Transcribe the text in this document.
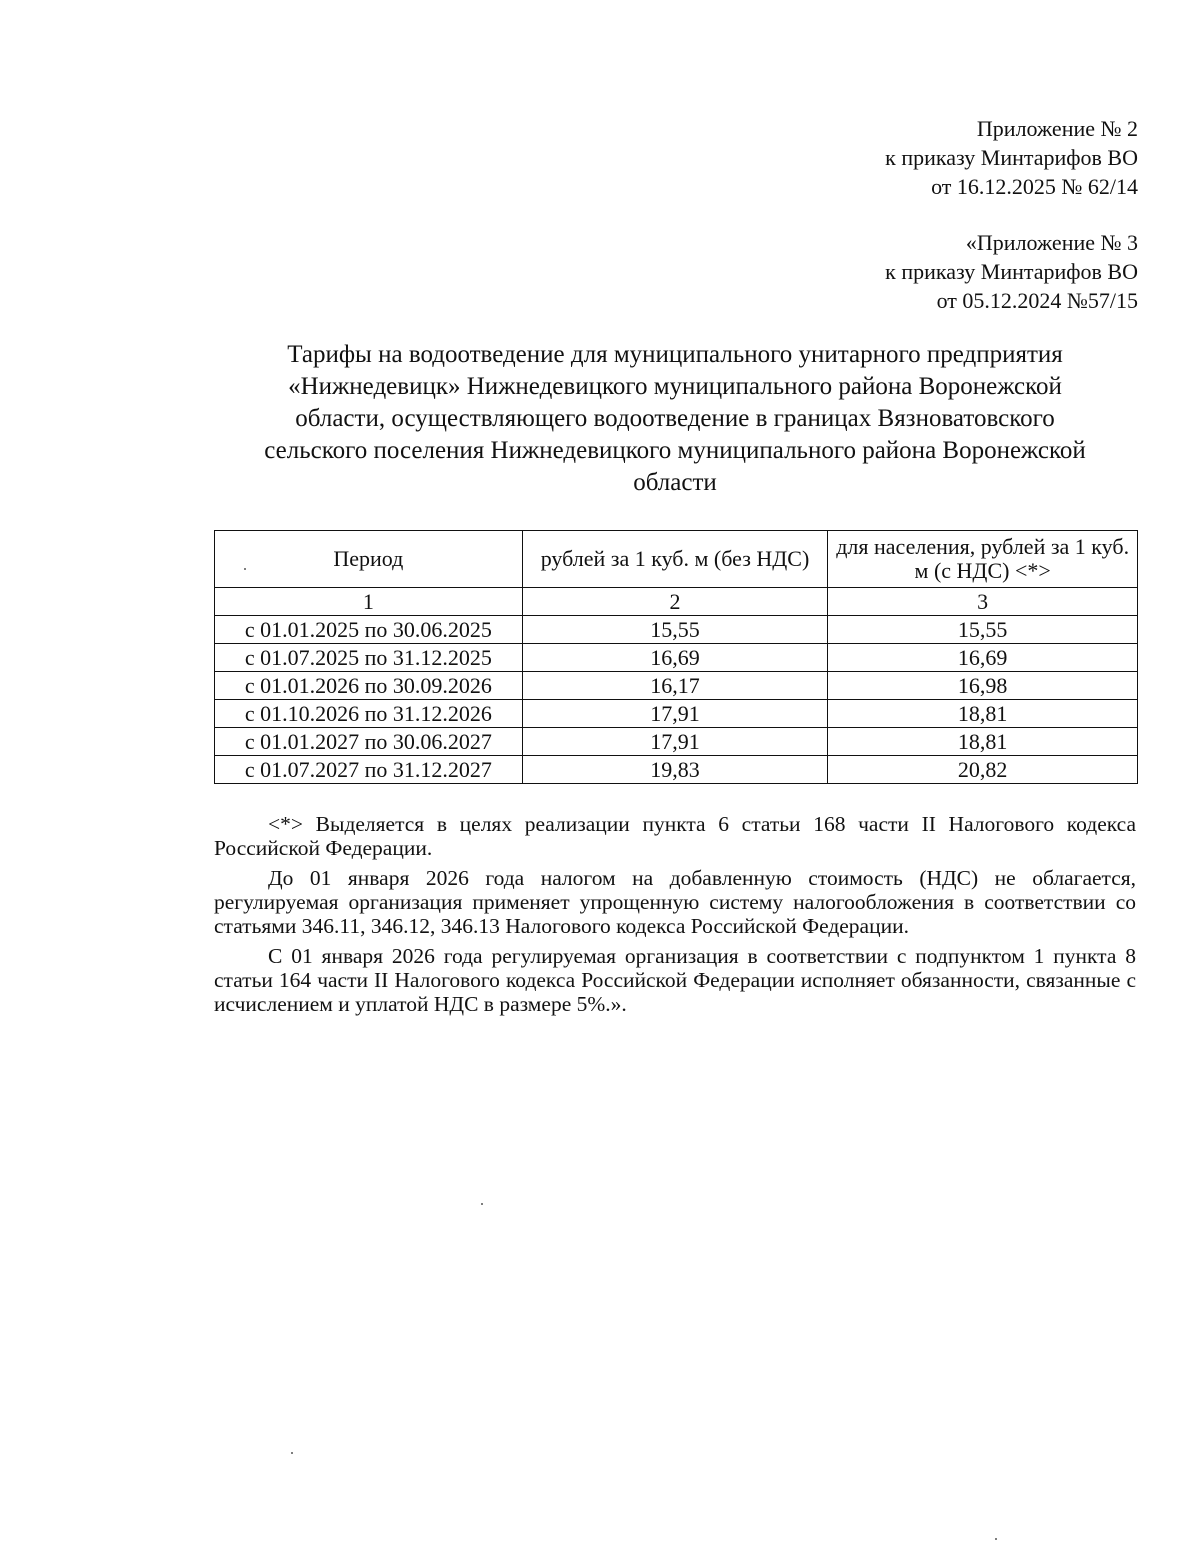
Приложение № 2
к приказу Минтарифов ВО
от 16.12.2025 № 62/14
«Приложение № 3
к приказу Минтарифов ВО
от 05.12.2024 №57/15
Тарифы на водоотведение для муниципального унитарного предприятия
«Нижнедевицк» Нижнедевицкого муниципального района Воронежской
области, осуществляющего водоотведение в границах Вязноватовского
сельского поселения Нижнедевицкого муниципального района Воронежской
области
Период	рублей за 1 куб. м (без НДС)	для населения, рублей за 1 куб. м (с НДС) <*>
1	2	3
с 01.01.2025 по 30.06.2025	15,55	15,55
с 01.07.2025 по 31.12.2025	16,69	16,69
с 01.01.2026 по 30.09.2026	16,17	16,98
с 01.10.2026 по 31.12.2026	17,91	18,81
с 01.01.2027 по 30.06.2027	17,91	18,81
с 01.07.2027 по 31.12.2027	19,83	20,82

<*> Выделяется в целях реализации пункта 6 статьи 168 части II Налогового кодекса Российской Федерации.

До 01 января 2026 года налогом на добавленную стоимость (НДС) не облагается, регулируемая организация применяет упрощенную систему налогообложения в соответствии со статьями 346.11, 346.12, 346.13 Налогового кодекса Российской Федерации.

С 01 января 2026 года регулируемая организация в соответствии с подпунктом 1 пункта 8 статьи 164 части II Налогового кодекса Российской Федерации исполняет обязанности, связанные с исчислением и уплатой НДС в размере 5%.».
